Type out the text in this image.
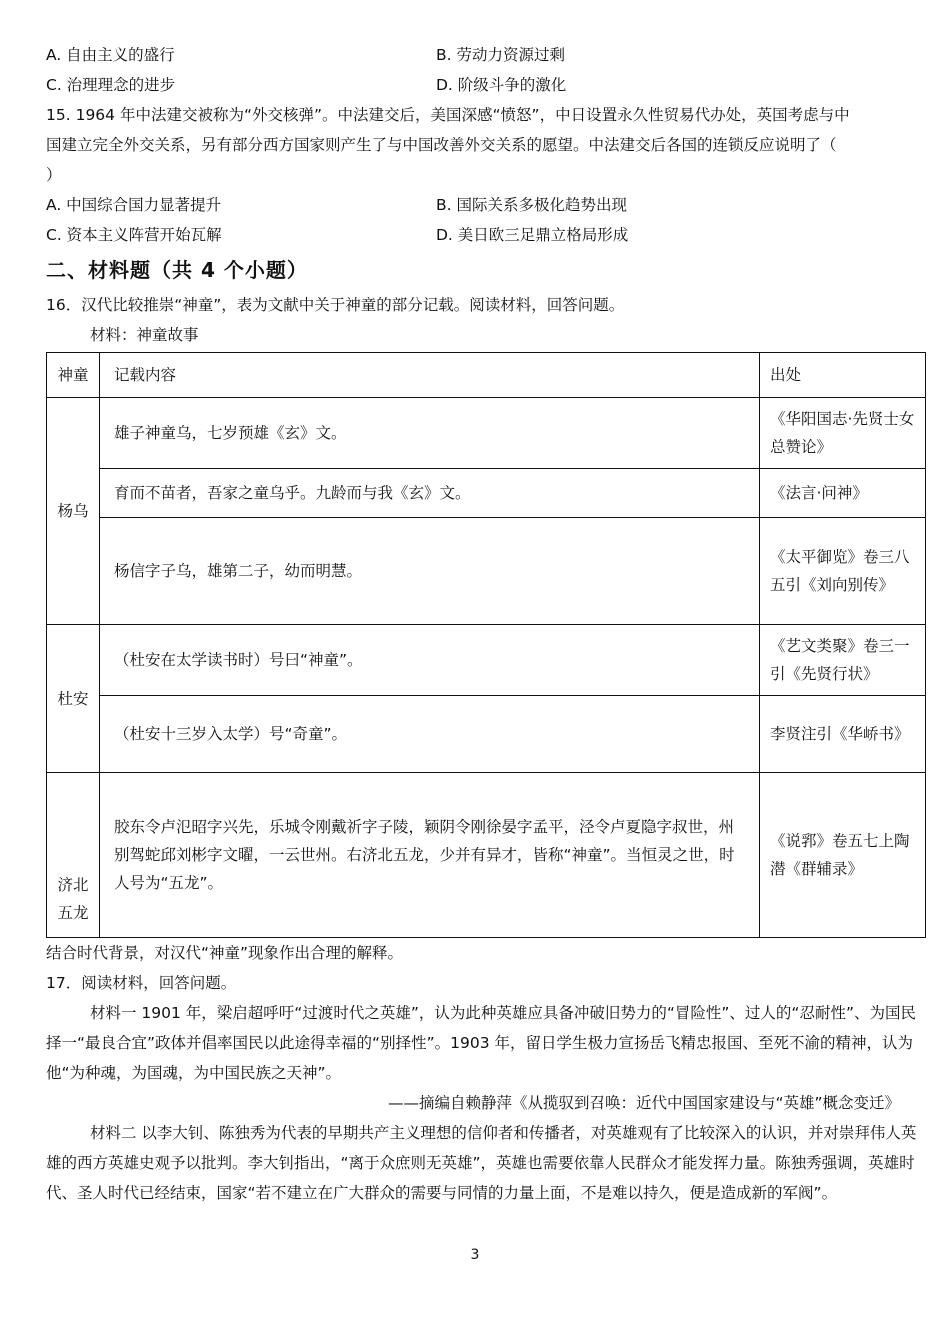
A. 自由主义的盛行	B. 劳动力资源过剩
C. 治理理念的进步	D. 阶级斗争的激化
15. 1964 年中法建交被称为“外交核弹”。中法建交后，美国深感“愤怒”，中日设置永久性贸易代办处，英国考虑与中
国建立完全外交关系，另有部分西方国家则产生了与中国改善外交关系的愿望。中法建交后各国的连锁反应说明了（
）
A. 中国综合国力显著提升	B. 国际关系多极化趋势出现
C. 资本主义阵营开始瓦解	D. 美日欧三足鼎立格局形成
二、材料题（共 4 个小题）
16．汉代比较推崇“神童”，表为文献中关于神童的部分记载。阅读材料，回答问题。
材料：神童故事
神童	记载内容	出处
杨乌	雄子神童乌，七岁预雄《玄》文。	《华阳国志·先贤士女总赞论》
	育而不苗者，吾家之童乌乎。九龄而与我《玄》文。	《法言·问神》
	杨信字子乌，雄第二子，幼而明慧。	《太平御览》卷三八五引《刘向别传》
杜安	（杜安在太学读书时）号曰“神童”。	《艺文类聚》卷三一引《先贤行状》
	（杜安十三岁入太学）号“奇童”。	李贤注引《华峤书》
济北五龙	胶东令卢氾昭字兴先，乐城令刚戴祈字子陵，颖阴令刚徐晏字孟平，泾令卢夏隐字叔世，州别驾蛇邱刘彬字文曜，一云世州。右济北五龙，少并有异才，皆称“神童”。当恒灵之世，时人号为“五龙”。	《说郛》卷五七上陶潜《群辅录》
结合时代背景，对汉代“神童”现象作出合理的解释。
17．阅读材料，回答问题。
材料一 1901 年，梁启超呼吁“过渡时代之英雄”，认为此种英雄应具备冲破旧势力的“冒险性”、过人的“忍耐性”、为国民择一“最良合宜”政体并倡率国民以此途得幸福的“别择性”。1903 年，留日学生极力宣扬岳飞精忠报国、至死不渝的精神，认为他“为种魂，为国魂，为中国民族之天神”。
——摘编自赖静萍《从揽驭到召唤：近代中国国家建设与“英雄”概念变迁》
材料二 以李大钊、陈独秀为代表的早期共产主义理想的信仰者和传播者，对英雄观有了比较深入的认识，并对崇拜伟人英雄的西方英雄史观予以批判。李大钊指出，“离于众庶则无英雄”，英雄也需要依靠人民群众才能发挥力量。陈独秀强调，英雄时代、圣人时代已经结束，国家“若不建立在广大群众的需要与同情的力量上面，不是难以持久，便是造成新的军阀”。
3
